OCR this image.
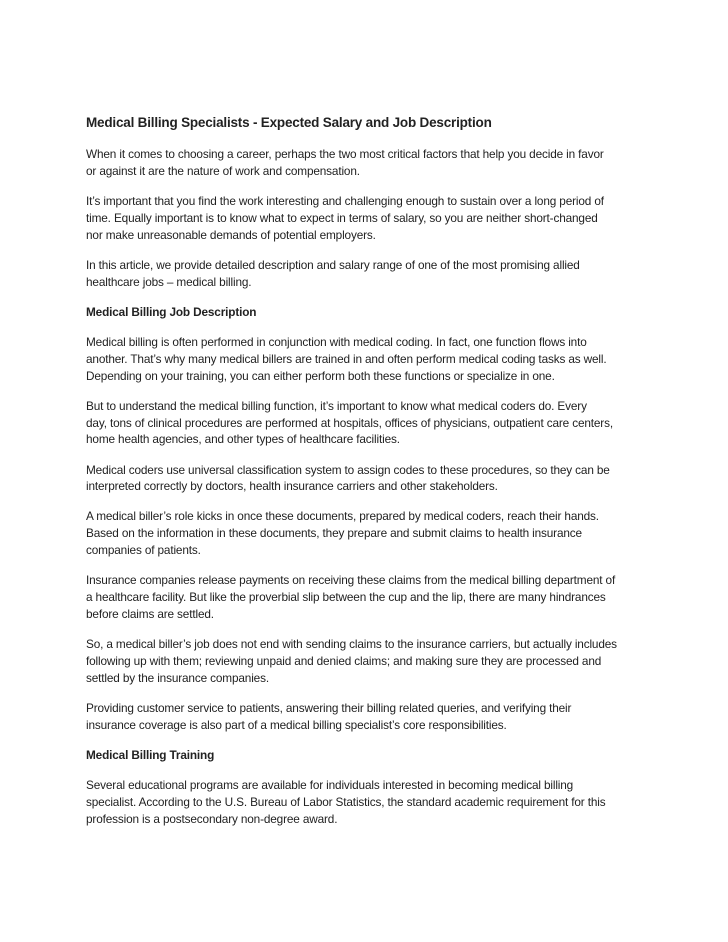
Medical Billing Specialists - Expected Salary and Job Description
When it comes to choosing a career, perhaps the two most critical factors that help you decide in favor
or against it are the nature of work and compensation.
It’s important that you find the work interesting and challenging enough to sustain over a long period of
time. Equally important is to know what to expect in terms of salary, so you are neither short-changed
nor make unreasonable demands of potential employers.
In this article, we provide detailed description and salary range of one of the most promising allied
healthcare jobs – medical billing.
Medical Billing Job Description
Medical billing is often performed in conjunction with medical coding. In fact, one function flows into
another. That’s why many medical billers are trained in and often perform medical coding tasks as well.
Depending on your training, you can either perform both these functions or specialize in one.
But to understand the medical billing function, it’s important to know what medical coders do. Every
day, tons of clinical procedures are performed at hospitals, offices of physicians, outpatient care centers,
home health agencies, and other types of healthcare facilities.
Medical coders use universal classification system to assign codes to these procedures, so they can be
interpreted correctly by doctors, health insurance carriers and other stakeholders.
A medical biller’s role kicks in once these documents, prepared by medical coders, reach their hands.
Based on the information in these documents, they prepare and submit claims to health insurance
companies of patients.
Insurance companies release payments on receiving these claims from the medical billing department of
a healthcare facility. But like the proverbial slip between the cup and the lip, there are many hindrances
before claims are settled.
So, a medical biller’s job does not end with sending claims to the insurance carriers, but actually includes
following up with them; reviewing unpaid and denied claims; and making sure they are processed and
settled by the insurance companies.
Providing customer service to patients, answering their billing related queries, and verifying their
insurance coverage is also part of a medical billing specialist’s core responsibilities.
Medical Billing Training
Several educational programs are available for individuals interested in becoming medical billing
specialist. According to the U.S. Bureau of Labor Statistics, the standard academic requirement for this
profession is a postsecondary non-degree award.
